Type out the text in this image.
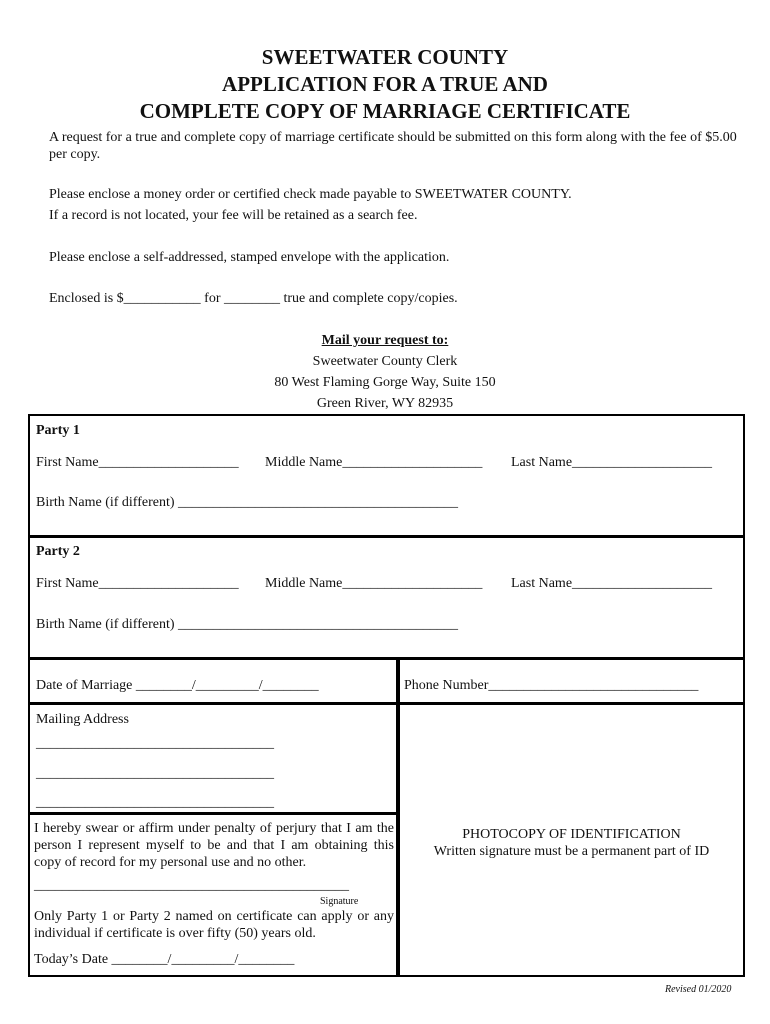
SWEETWATER COUNTY
APPLICATION FOR A TRUE AND
COMPLETE COPY OF MARRIAGE CERTIFICATE
A request for a true and complete copy of marriage certificate should be submitted on this form along with the fee of $5.00 per copy.
Please enclose a money order or certified check made payable to SWEETWATER COUNTY.
If a record is not located, your fee will be retained as a search fee.
Please enclose a self-addressed, stamped envelope with the application.
Enclosed is $___________ for ________ true and complete copy/copies.
Mail your request to:
Sweetwater County Clerk
80 West Flaming Gorge Way, Suite 150
Green River, WY 82935
Party 1
First Name____________________ Middle Name____________________ Last Name____________________
Birth Name (if different) ________________________________________
Party 2
First Name____________________ Middle Name____________________ Last Name____________________
Birth Name (if different) ________________________________________
Date of Marriage ________/_________/________	Phone Number______________________________
Mailing Address
__________________________________
__________________________________
__________________________________
I hereby swear or affirm under penalty of perjury that I am the person I represent myself to be and that I am obtaining this copy of record for my personal use and no other.
_____________________________________________
Signature
Only Party 1 or Party 2 named on certificate can apply or any individual if certificate is over fifty (50) years old.
Today’s Date ________/_________/________
PHOTOCOPY OF IDENTIFICATION
Written signature must be a permanent part of ID
Revised 01/2020
